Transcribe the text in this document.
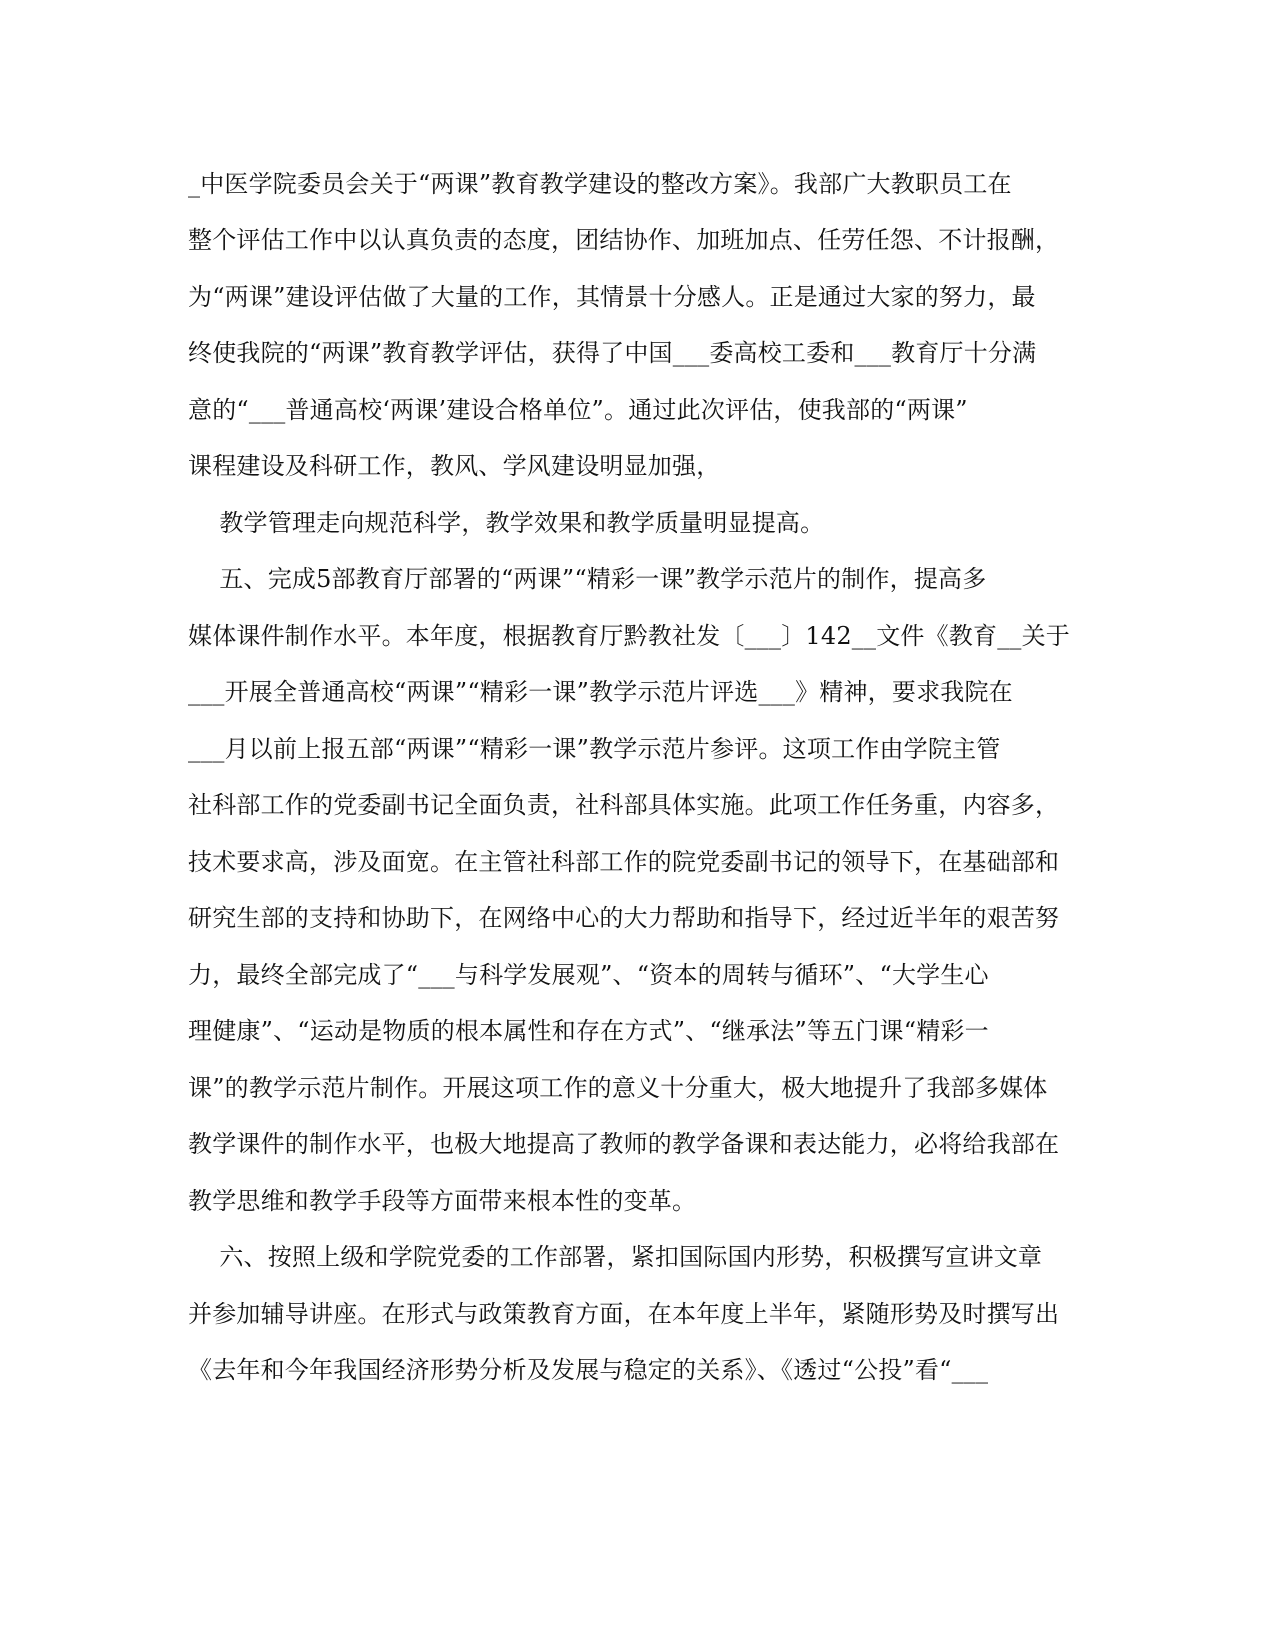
_中医学院委员会关于“两课”教育教学建设的整改方案》。我部广大教职员工在
整个评估工作中以认真负责的态度，团结协作、加班加点、任劳任怨、不计报酬，
为“两课”建设评估做了大量的工作，其情景十分感人。正是通过大家的努力，最
终使我院的“两课”教育教学评估，获得了中国___委高校工委和___教育厅十分满
意的“___普通高校‘两课’建设合格单位”。通过此次评估，使我部的“两课”
课程建设及科研工作，教风、学风建设明显加强，
教学管理走向规范科学，教学效果和教学质量明显提高。
五、完成5部教育厅部署的“两课”“精彩一课”教学示范片的制作，提高多
媒体课件制作水平。本年度，根据教育厅黔教社发〔___〕142__文件《教育__关于
___开展全普通高校“两课”“精彩一课”教学示范片评选___》精神，要求我院在
___月以前上报五部“两课”“精彩一课”教学示范片参评。这项工作由学院主管
社科部工作的党委副书记全面负责，社科部具体实施。此项工作任务重，内容多，
技术要求高，涉及面宽。在主管社科部工作的院党委副书记的领导下，在基础部和
研究生部的支持和协助下，在网络中心的大力帮助和指导下，经过近半年的艰苦努
力，最终全部完成了“___与科学发展观”、“资本的周转与循环”、“大学生心
理健康”、“运动是物质的根本属性和存在方式”、“继承法”等五门课“精彩一
课”的教学示范片制作。开展这项工作的意义十分重大，极大地提升了我部多媒体
教学课件的制作水平，也极大地提高了教师的教学备课和表达能力，必将给我部在
教学思维和教学手段等方面带来根本性的变革。
六、按照上级和学院党委的工作部署，紧扣国际国内形势，积极撰写宣讲文章
并参加辅导讲座。在形式与政策教育方面，在本年度上半年，紧随形势及时撰写出
《去年和今年我国经济形势分析及发展与稳定的关系》、《透过“公投”看“___
